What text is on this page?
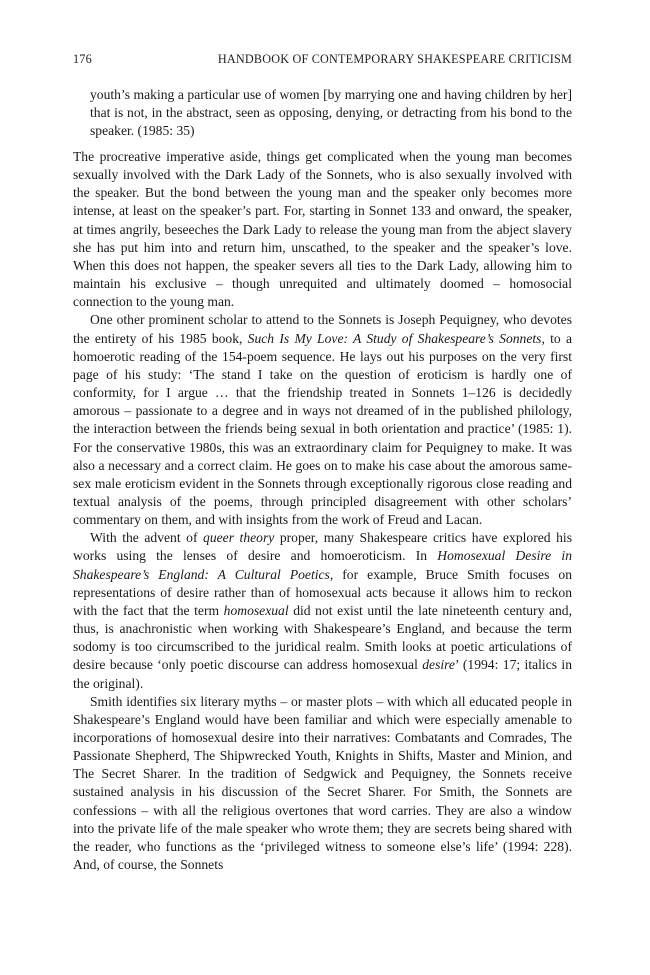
176	HANDBOOK OF CONTEMPORARY SHAKESPEARE CRITICISM

youth’s making a particular use of women [by marrying one and having children by her] that is not, in the abstract, seen as opposing, denying, or detracting from his bond to the speaker. (1985: 35)

The procreative imperative aside, things get complicated when the young man becomes sexually involved with the Dark Lady of the Sonnets, who is also sexually involved with the speaker. But the bond between the young man and the speaker only becomes more intense, at least on the speaker’s part. For, starting in Sonnet 133 and onward, the speaker, at times angrily, beseeches the Dark Lady to release the young man from the abject slavery she has put him into and return him, unscathed, to the speaker and the speaker’s love. When this does not happen, the speaker severs all ties to the Dark Lady, allowing him to maintain his exclusive – though unrequited and ultimately doomed – homosocial connection to the young man.

One other prominent scholar to attend to the Sonnets is Joseph Pequigney, who devotes the entirety of his 1985 book, Such Is My Love: A Study of Shakespeare’s Sonnets, to a homoerotic reading of the 154-poem sequence. He lays out his purposes on the very first page of his study: ‘The stand I take on the question of eroticism is hardly one of conformity, for I argue … that the friendship treated in Sonnets 1–126 is decidedly amorous – passionate to a degree and in ways not dreamed of in the published philology, the interaction between the friends being sexual in both orientation and practice’ (1985: 1). For the conservative 1980s, this was an extraordinary claim for Pequigney to make. It was also a necessary and a correct claim. He goes on to make his case about the amorous same-sex male eroticism evident in the Sonnets through exceptionally rigorous close reading and textual analysis of the poems, through principled disagreement with other scholars’ commentary on them, and with insights from the work of Freud and Lacan.

With the advent of queer theory proper, many Shakespeare critics have explored his works using the lenses of desire and homoeroticism. In Homosexual Desire in Shakespeare’s England: A Cultural Poetics, for example, Bruce Smith focuses on representations of desire rather than of homosexual acts because it allows him to reckon with the fact that the term homosexual did not exist until the late nineteenth century and, thus, is anachronistic when working with Shakespeare’s England, and because the term sodomy is too circumscribed to the juridical realm. Smith looks at poetic articulations of desire because ‘only poetic discourse can address homosexual desire’ (1994: 17; italics in the original).

Smith identifies six literary myths – or master plots – with which all educated people in Shakespeare’s England would have been familiar and which were especially amenable to incorporations of homosexual desire into their narratives: Combatants and Comrades, The Passionate Shepherd, The Shipwrecked Youth, Knights in Shifts, Master and Minion, and The Secret Sharer. In the tradition of Sedgwick and Pequigney, the Sonnets receive sustained analysis in his discussion of the Secret Sharer. For Smith, the Sonnets are confessions – with all the religious overtones that word carries. They are also a window into the private life of the male speaker who wrote them; they are secrets being shared with the reader, who functions as the ‘privileged witness to someone else’s life’ (1994: 228). And, of course, the Sonnets
